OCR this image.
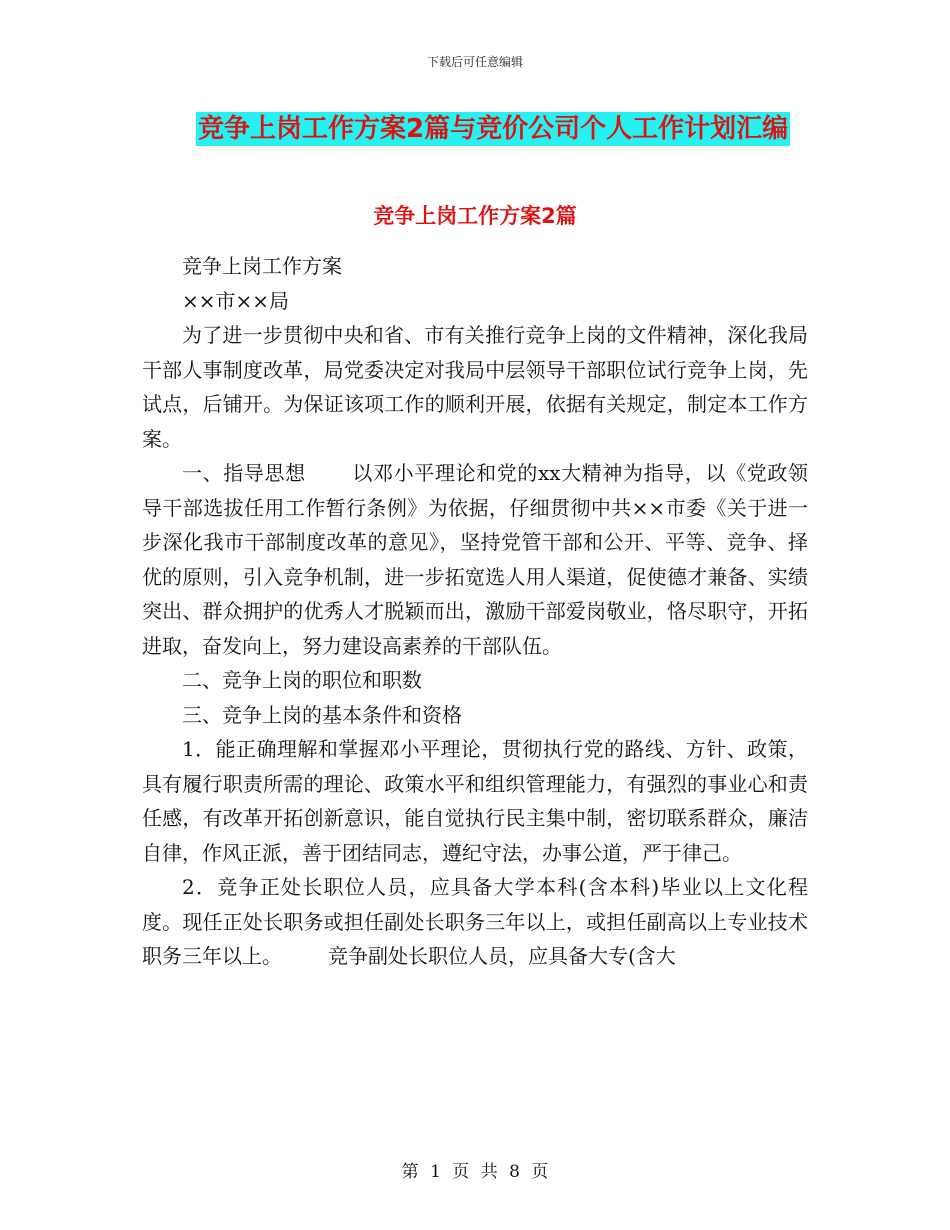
下载后可任意编辑
竞争上岗工作方案2篇与竞价公司个人工作计划汇编
竞争上岗工作方案2篇

竞争上岗工作方案

××市××局

为了进一步贯彻中央和省、市有关推行竞争上岗的文件精神，深化我局干部人事制度改革，局党委决定对我局中层领导干部职位试行竞争上岗，先试点，后铺开。为保证该项工作的顺利开展，依据有关规定，制定本工作方案。

一、指导思想 以邓小平理论和党的xx大精神为指导，以《党政领导干部选拔任用工作暂行条例》为依据，仔细贯彻中共××市委《关于进一步深化我市干部制度改革的意见》，坚持党管干部和公开、平等、竞争、择优的原则，引入竞争机制，进一步拓宽选人用人渠道，促使德才兼备、实绩突出、群众拥护的优秀人才脱颖而出，激励干部爱岗敬业，恪尽职守，开拓进取，奋发向上，努力建设高素养的干部队伍。

二、竞争上岗的职位和职数

三、竞争上岗的基本条件和资格

1．能正确理解和掌握邓小平理论，贯彻执行党的路线、方针、政策，具有履行职责所需的理论、政策水平和组织管理能力，有强烈的事业心和责任感，有改革开拓创新意识，能自觉执行民主集中制，密切联系群众，廉洁自律，作风正派，善于团结同志，遵纪守法，办事公道，严于律己。

2．竞争正处长职位人员，应具备大学本科(含本科)毕业以上文化程度。现任正处长职务或担任副处长职务三年以上，或担任副高以上专业技术职务三年以上。 竞争副处长职位人员，应具备大专(含大

第 1 页 共 8 页
